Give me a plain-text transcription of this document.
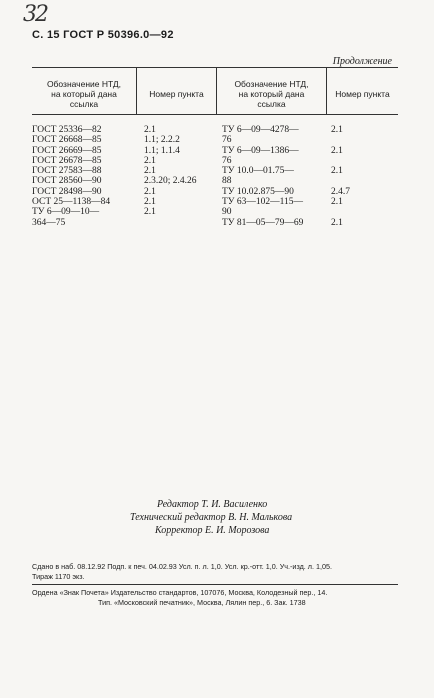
32
С. 15 ГОСТ Р 50396.0—92
Продолжение
Обозначение НТД,
на который дана
ссылка
Номер пункта
Обозначение НТД,
на который дана
ссылка
Номер пункта
ГОСТ 25336—82
ГОСТ 26668—85
ГОСТ 26669—85
ГОСТ 26678—85
ГОСТ 27583—88
ГОСТ 28560—90
ГОСТ 28498—90
ОСТ 25—1138—84
ТУ 6—09—10—
364—75
2.1
1.1; 2.2.2
1.1; 1.1.4
2.1
2.1
2.3.20; 2.4.26
2.1
2.1
2.1

ТУ 6—09—4278—
76
ТУ 6—09—1386—
76
ТУ 10.0—01.75—
88
ТУ 10.02.875—90
ТУ 63—102—115—
90
ТУ 81—05—79—69
2.1

2.1

2.1

2.4.7
2.1

2.1
Редактор Т. И. Василенко
Технический редактор В. Н. Малькова
Корректор Е. И. Морозова
Сдано в наб. 08.12.92 Подп. к печ. 04.02.93 Усл. п. л. 1,0. Усл. кр.-отт. 1,0. Уч.-изд. л. 1,05.
Тираж 1170 экз.
Ордена «Знак Почета» Издательство стандартов, 107076, Москва, Колодезный пер., 14.
Тип. «Московский печатник», Москва, Лялин пер., 6. Зак. 1738
